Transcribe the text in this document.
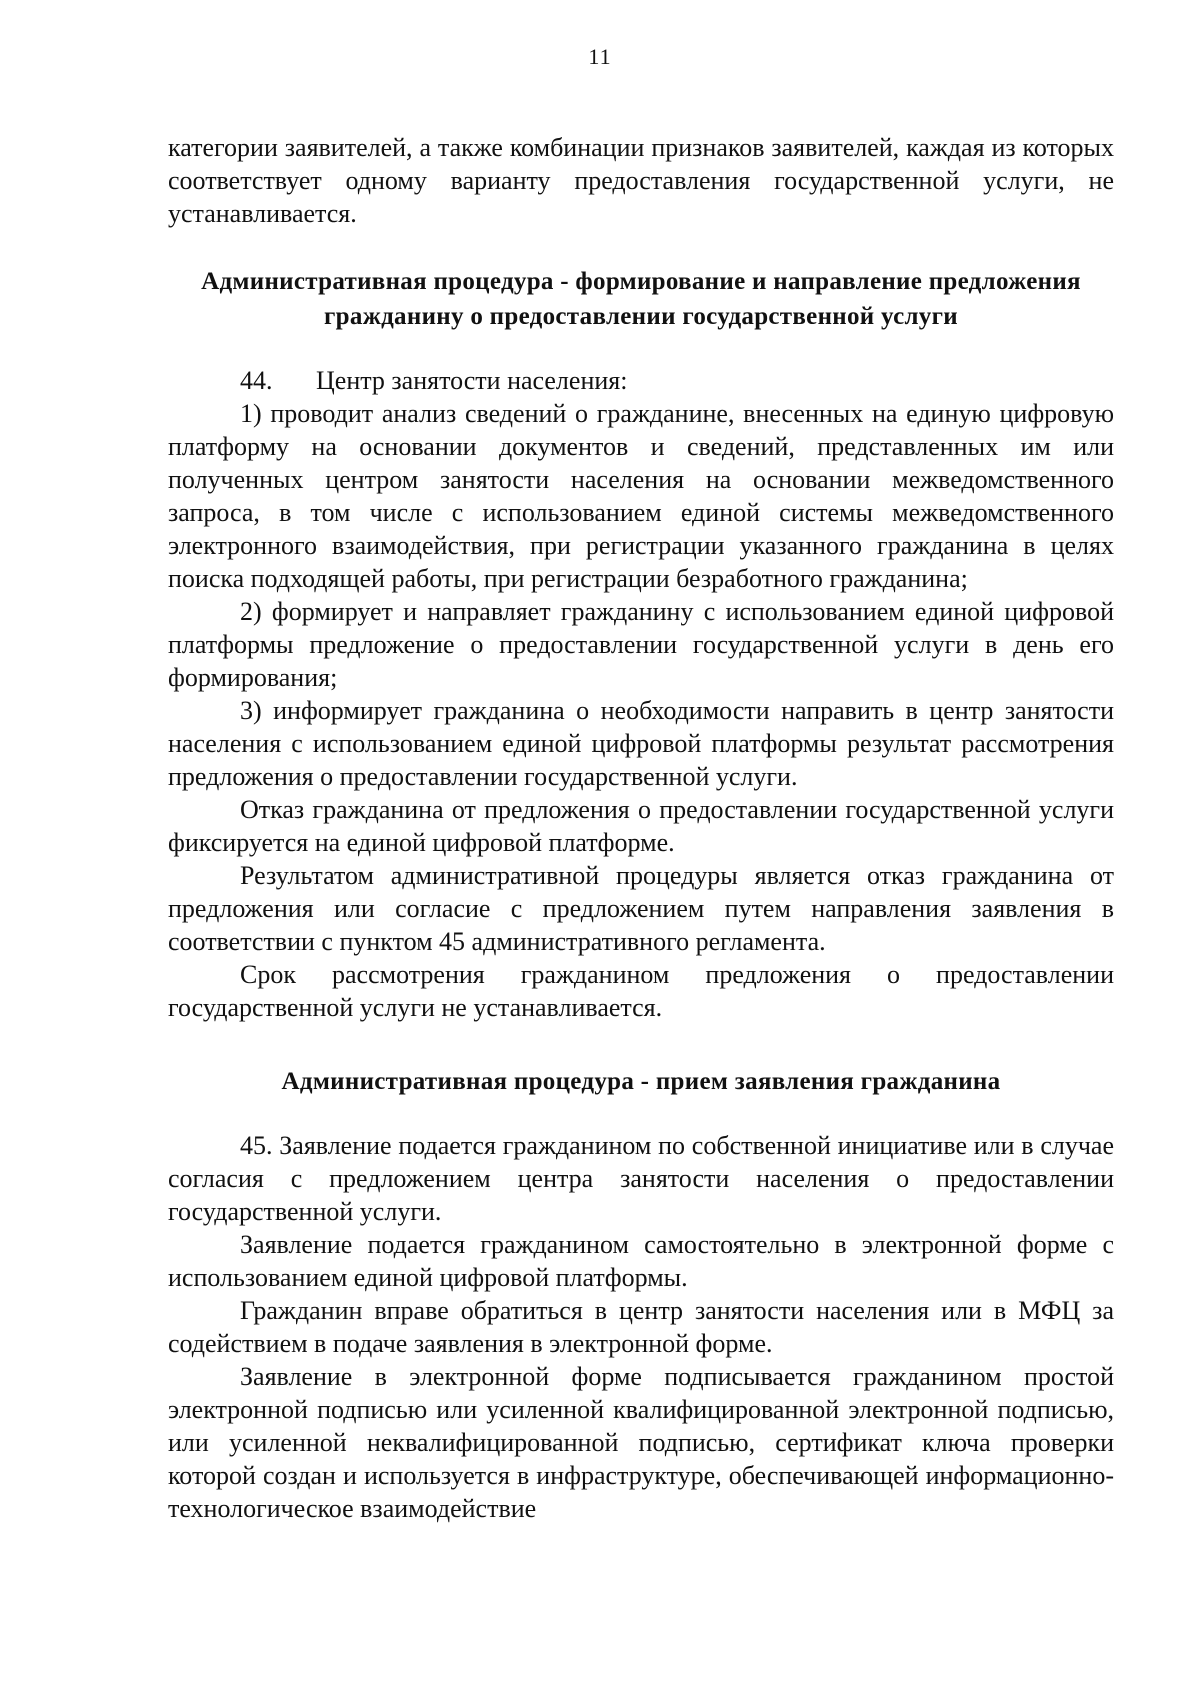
11

категории заявителей, а также комбинации признаков заявителей, каждая из которых соответствует одному варианту предоставления государственной услуги, не устанавливается.

Административная процедура - формирование и направление предложения гражданину о предоставлении государственной услуги

44. Центр занятости населения:

1) проводит анализ сведений о гражданине, внесенных на единую цифровую платформу на основании документов и сведений, представленных им или полученных центром занятости населения на основании межведомственного запроса, в том числе с использованием единой системы межведомственного электронного взаимодействия, при регистрации указанного гражданина в целях поиска подходящей работы, при регистрации безработного гражданина;

2) формирует и направляет гражданину с использованием единой цифровой платформы предложение о предоставлении государственной услуги в день его формирования;

3) информирует гражданина о необходимости направить в центр занятости населения с использованием единой цифровой платформы результат рассмотрения предложения о предоставлении государственной услуги.

Отказ гражданина от предложения о предоставлении государственной услуги фиксируется на единой цифровой платформе.

Результатом административной процедуры является отказ гражданина от предложения или согласие с предложением путем направления заявления в соответствии с пунктом 45 административного регламента.

Срок рассмотрения гражданином предложения о предоставлении государственной услуги не устанавливается.

Административная процедура - прием заявления гражданина

45. Заявление подается гражданином по собственной инициативе или в случае согласия с предложением центра занятости населения о предоставлении государственной услуги.

Заявление подается гражданином самостоятельно в электронной форме с использованием единой цифровой платформы.

Гражданин вправе обратиться в центр занятости населения или в МФЦ за содействием в подаче заявления в электронной форме.

Заявление в электронной форме подписывается гражданином простой электронной подписью или усиленной квалифицированной электронной подписью, или усиленной неквалифицированной подписью, сертификат ключа проверки которой создан и используется в инфраструктуре, обеспечивающей информационно-технологическое взаимодействие
